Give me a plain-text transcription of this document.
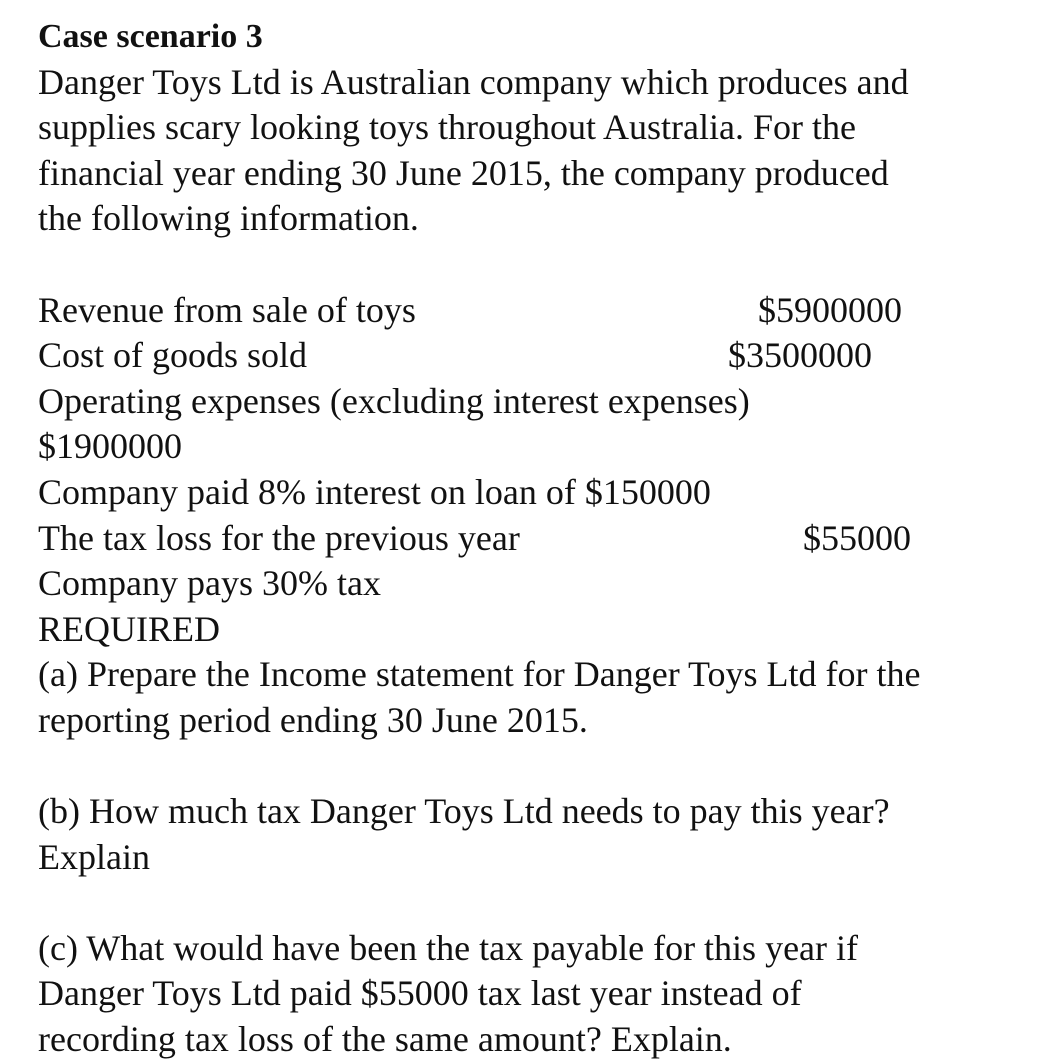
Case scenario 3
Danger Toys Ltd is Australian company which produces and
supplies scary looking toys throughout Australia. For the
financial year ending 30 June 2015, the company produced
the following information.
Revenue from sale of toys	$5900000
Cost of goods sold	$3500000
Operating expenses (excluding interest expenses)
$1900000
Company paid 8% interest on loan of $150000
The tax loss for the previous year	$55000
Company pays 30% tax
REQUIRED
(a) Prepare the Income statement for Danger Toys Ltd for the
reporting period ending 30 June 2015.
(b) How much tax Danger Toys Ltd needs to pay this year?
Explain
(c) What would have been the tax payable for this year if
Danger Toys Ltd paid $55000 tax last year instead of
recording tax loss of the same amount? Explain.
